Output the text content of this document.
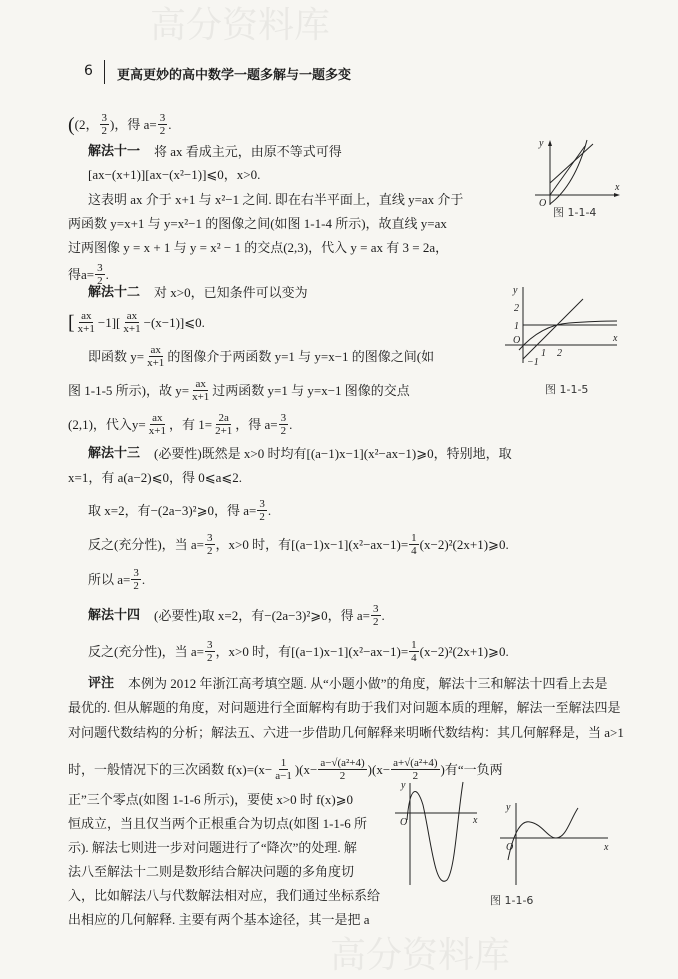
高分资料库
高分资料库
6 更高更妙的高中数学一题多解与一题多变
( (2， $\frac{3}{2}$ )，得 $a= \frac{3}{2}$ .
解法十一 将 ax 看成主元，由原不等式可得
[ax−(x+1)][ax−(x²−1)]⩽0，x>0.
这表明 ax 介于 x+1 与 x²−1 之间. 即在右半平面上，直线 y=ax 介于
两函数 y=x+1 与 y=x²−1 的图像之间(如图 1-1-4 所示)，故直线 y=ax
过两图像 y = x + 1 与 y = x² − 1 的交点(2,3)，代入 y = ax 有 3 = 2a，
得$a= \frac{3}{2}$ .
解法十二 对 x>0，已知条件可以变为
[ $\frac{ax}{x+1} -1][ \frac{ax}{x+1}$ −(x−1)]⩽0.
即函数 $y= \frac{ax}{x+1}$ 的图像介于两函数 y=1 与 y=x−1 的图像之间(如
图 1-1-5 所示)，故 $y= \frac{ax}{x+1}$ 过两函数 y=1 与 y=x−1 图像的交点
(2,1)，代入$y= \frac{ax}{x+1}$ ，有 $1= \frac{2a}{2+1}$ ，得 $a= \frac{3}{2}$ .
解法十三 (必要性)既然是 x>0 时均有[(a−1)x−1](x²−ax−1)⩾0，特别地，取
x=1，有 a(a−2)⩽0，得 0⩽a⩽2.
取 x=2，有−(2a−3)²⩾0，得 $a= \frac{3}{2}$ .
反之(充分性)，当 $a= \frac{3}{2}$ ，x>0 时，有$[(a-1)x-1](x^2-ax-1)= \frac{1}{4}$ (x−2)²(2x+1)⩾0.
所以 $a= \frac{3}{2}$ .
解法十四 (必要性)取 x=2，有−(2a−3)²⩾0，得 $a= \frac{3}{2}$ .
反之(充分性)，当 $a= \frac{3}{2}$ ，x>0 时，有$[(a-1)x-1](x^2-ax-1)= \frac{1}{4}$ (x−2)²(2x+1)⩾0.
评注 本例为 2012 年浙江高考填空题. 从“小题小做”的角度，解法十三和解法十四看上去是
最优的. 但从解题的角度，对问题进行全面解构有助于我们对问题本质的理解，解法一至解法四是
对问题代数结构的分析；解法五、六进一步借助几何解释来明晰代数结构：其几何解释是，当 a>1
时，一般情况下的三次函数 $f(x)=(x- \frac{1}{a-1} )(x- \frac{\text{a−√(a²+4)}}{2} )(x- \frac{\text{a+√(a²+4)}}{2}$ )有“一负两
正”三个零点(如图 1-1-6 所示)，要使 x>0 时 f(x)⩾0
恒成立，当且仅当两个正根重合为切点(如图 1-1-6 所
示). 解法七则进一步对问题进行了“降次”的处理. 解
法八至解法十二则是数形结合解决问题的多角度切
入，比如解法八与代数解法相对应，我们通过坐标系给
出相应的几何解释. 主要有两个基本途径，其一是把 a
y
x
O
图 1-1-4
y
x
O
1 2
−1
1
2
图 1-1-5
y
x
O
y
x
O
图 1-1-6
